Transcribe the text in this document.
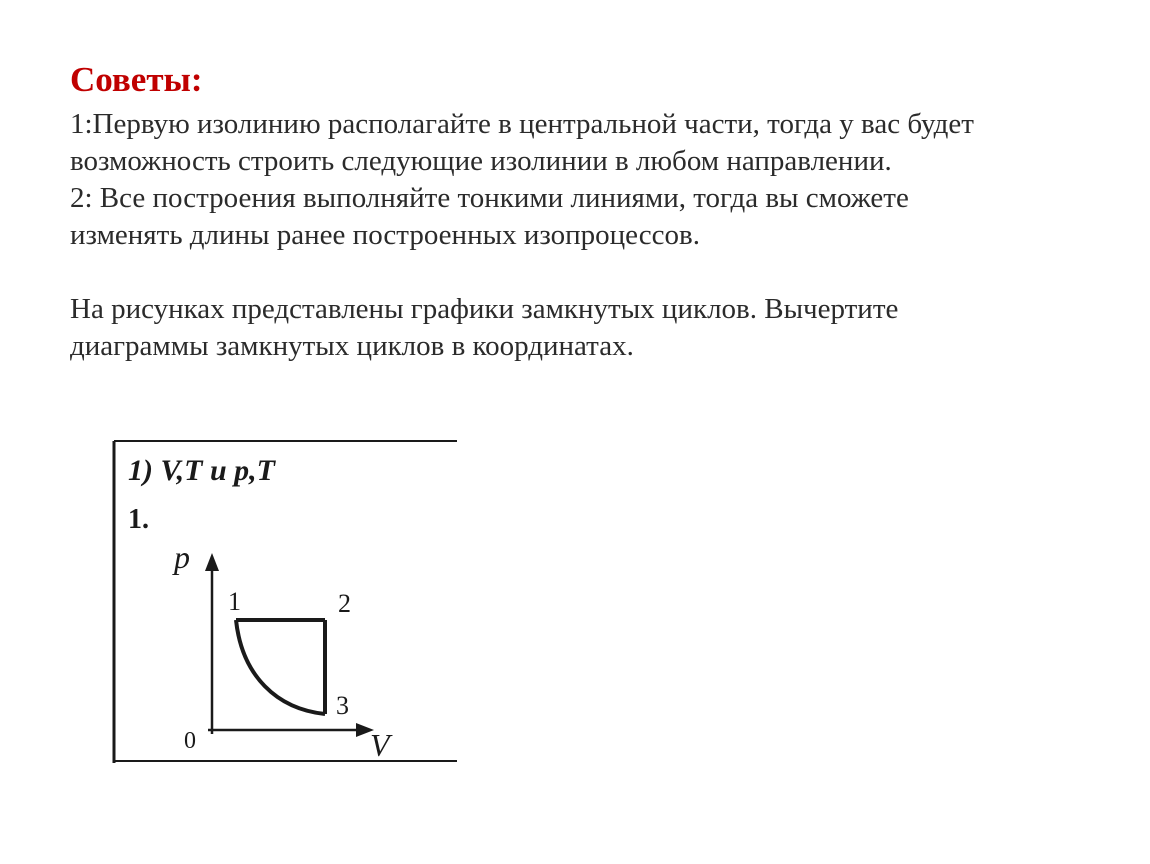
Советы:

1:Первую изолинию располагайте в центральной части, тогда у вас будет

возможность строить следующие изолинии в любом направлении.

2: Все построения выполняйте тонкими линиями, тогда вы сможете

изменять длины ранее построенных изопроцессов.

На рисунках представлены графики замкнутых циклов. Вычертите

диаграммы замкнутых циклов в координатах.

1) V,T и p,T
1.
p
V
0
1	2
3
